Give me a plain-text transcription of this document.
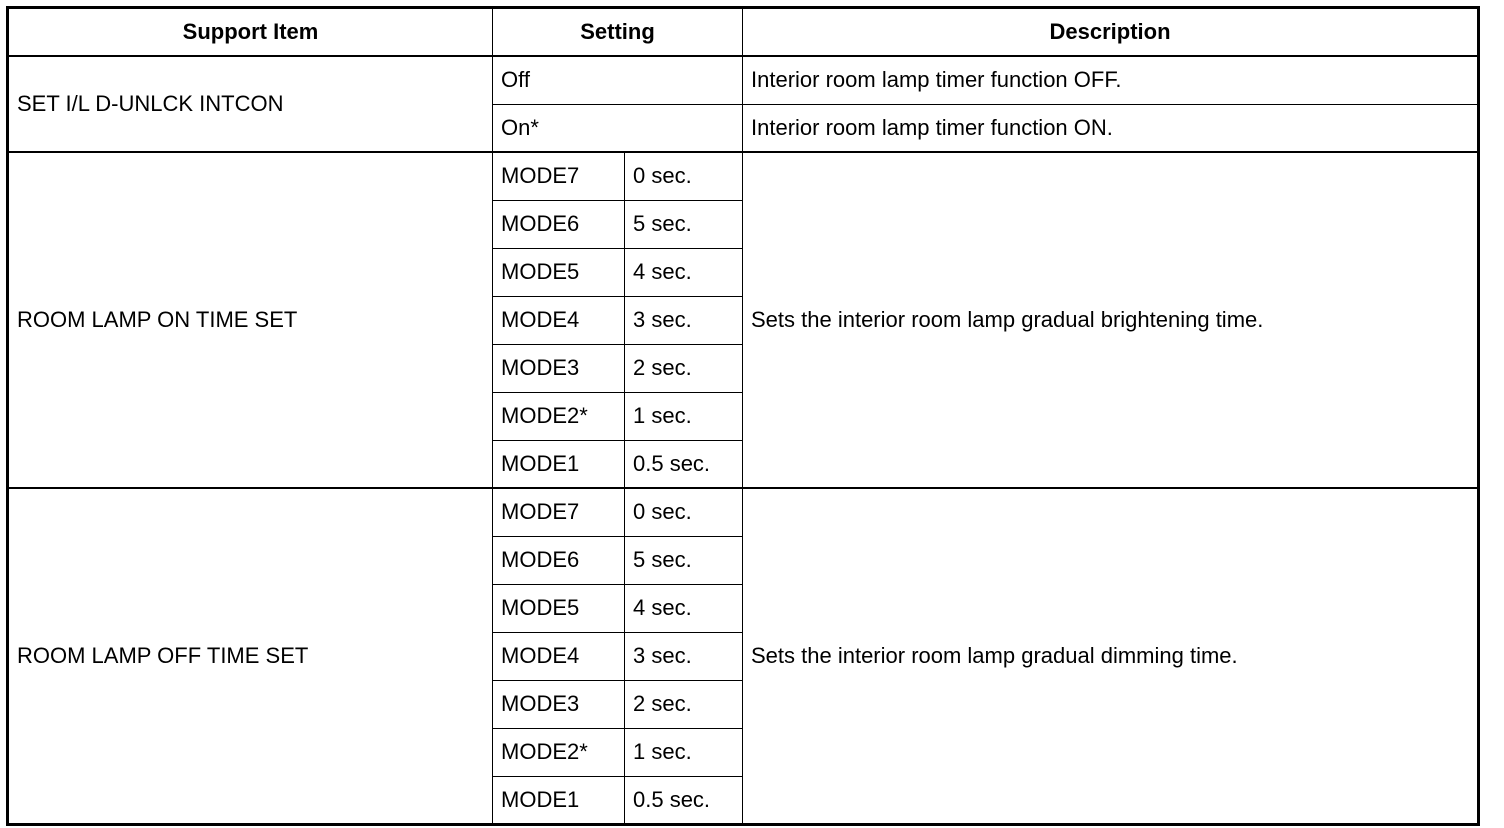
Support Item	Setting		Description
SET I/L D-UNLCK INTCON	Off		Interior room lamp timer function OFF.
	On*		Interior room lamp timer function ON.
ROOM LAMP ON TIME SET	MODE7	0 sec.	Sets the interior room lamp gradual brightening time.
	MODE6	5 sec.	
	MODE5	4 sec.	
	MODE4	3 sec.	
	MODE3	2 sec.	
	MODE2*	1 sec.	
	MODE1	0.5 sec.	
ROOM LAMP OFF TIME SET	MODE7	0 sec.	Sets the interior room lamp gradual dimming time.
	MODE6	5 sec.	
	MODE5	4 sec.	
	MODE4	3 sec.	
	MODE3	2 sec.	
	MODE2*	1 sec.	
	MODE1	0.5 sec.	
